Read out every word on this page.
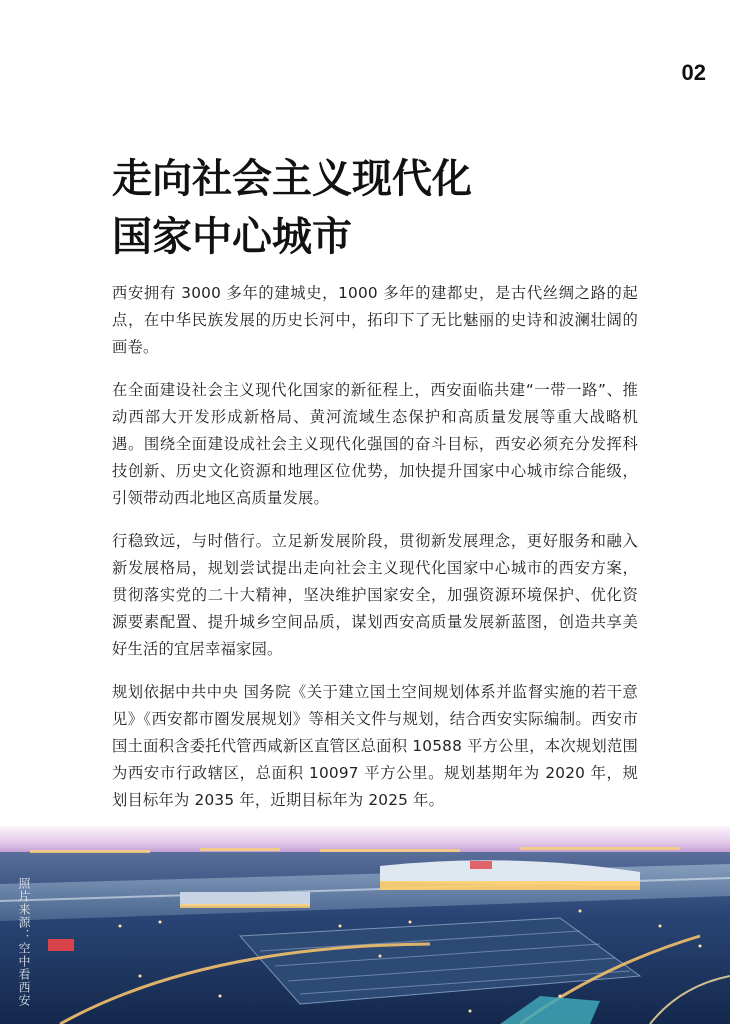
02
走向社会主义现代化
国家中心城市

西安拥有 3000 多年的建城史，1000 多年的建都史，是古代丝绸之路的起点，在中华民族发展的历史长河中，拓印下了无比魅丽的史诗和波澜壮阔的画卷。

在全面建设社会主义现代化国家的新征程上，西安面临共建“一带一路”、推动西部大开发形成新格局、黄河流域生态保护和高质量发展等重大战略机遇。围绕全面建设成社会主义现代化强国的奋斗目标，西安必须充分发挥科技创新、历史文化资源和地理区位优势，加快提升国家中心城市综合能级，引领带动西北地区高质量发展。

行稳致远，与时偕行。立足新发展阶段，贯彻新发展理念，更好服务和融入新发展格局，规划尝试提出走向社会主义现代化国家中心城市的西安方案，贯彻落实党的二十大精神，坚决维护国家安全，加强资源环境保护、优化资源要素配置、提升城乡空间品质，谋划西安高质量发展新蓝图，创造共享美好生活的宜居幸福家园。

规划依据中共中央 国务院《关于建立国土空间规划体系并监督实施的若干意见》《西安都市圈发展规划》等相关文件与规划，结合西安实际编制。西安市国土面积含委托代管西咸新区直管区总面积 10588 平方公里，本次规划范围为西安市行政辖区，总面积 10097 平方公里。规划基期年为 2020 年，规划目标年为 2035 年，近期目标年为 2025 年。

照片来源：空中看西安
